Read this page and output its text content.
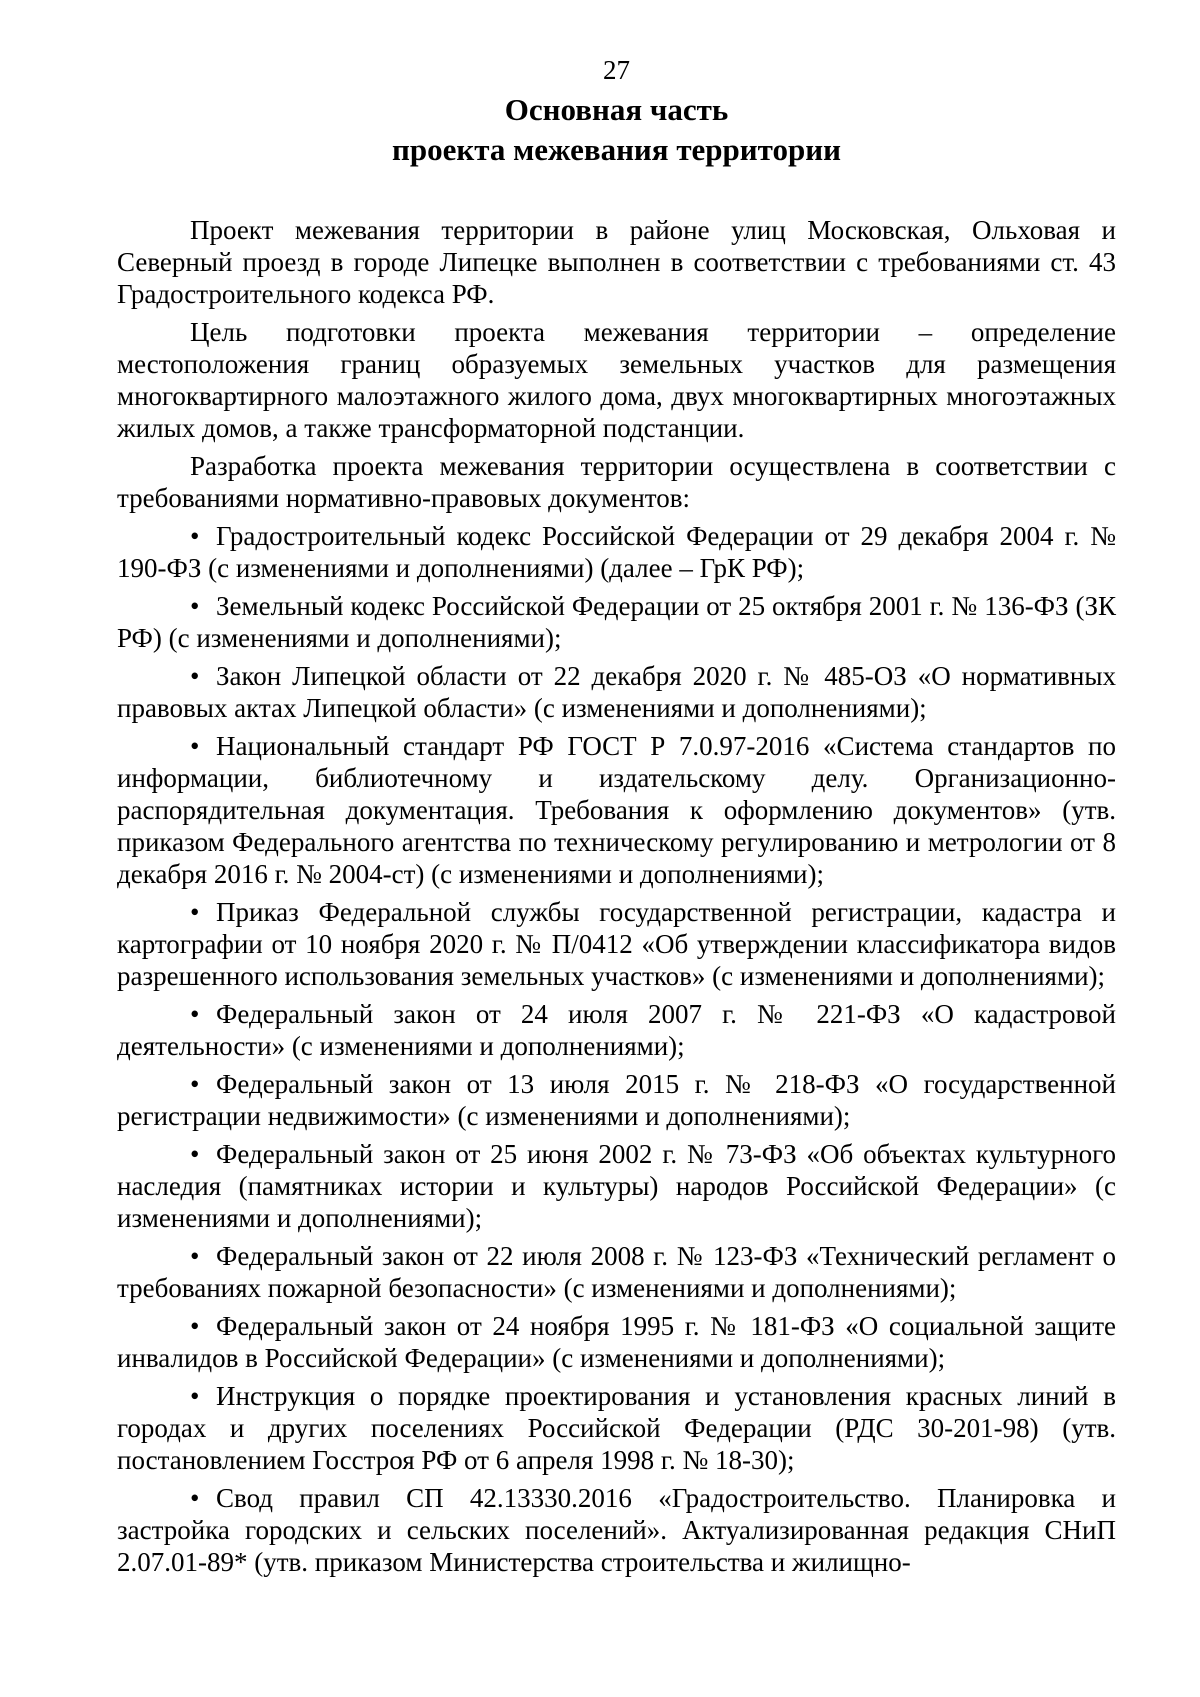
27

Основная часть

проекта межевания территории

Проект межевания территории в районе улиц Московская, Ольховая и Северный проезд в городе Липецке выполнен в соответствии с требованиями ст. 43 Градостроительного кодекса РФ.

Цель подготовки проекта межевания территории – определение местоположения границ образуемых земельных участков для размещения многоквартирного малоэтажного жилого дома, двух многоквартирных многоэтажных жилых домов, а также трансформаторной подстанции.

Разработка проекта межевания территории осуществлена в соответствии с требованиями нормативно-правовых документов:

• Градостроительный кодекс Российской Федерации от 29 декабря 2004 г. № 190-ФЗ (с изменениями и дополнениями) (далее – ГрК РФ);
• Земельный кодекс Российской Федерации от 25 октября 2001 г. № 136-ФЗ (ЗК РФ) (с изменениями и дополнениями);
• Закон Липецкой области от 22 декабря 2020 г. № 485-ОЗ «О нормативных правовых актах Липецкой области» (с изменениями и дополнениями);
• Национальный стандарт РФ ГОСТ Р 7.0.97-2016 «Система стандартов по информации, библиотечному и издательскому делу. Организационно-распорядительная документация. Требования к оформлению документов» (утв. приказом Федерального агентства по техническому регулированию и метрологии от 8 декабря 2016 г. № 2004-ст) (с изменениями и дополнениями);
• Приказ Федеральной службы государственной регистрации, кадастра и картографии от 10 ноября 2020 г. № П/0412 «Об утверждении классификатора видов разрешенного использования земельных участков» (с изменениями и дополнениями);
• Федеральный закон от 24 июля 2007 г. № 221-ФЗ «О кадастровой деятельности» (с изменениями и дополнениями);
• Федеральный закон от 13 июля 2015 г. № 218-ФЗ «О государственной регистрации недвижимости» (с изменениями и дополнениями);
• Федеральный закон от 25 июня 2002 г. № 73-ФЗ «Об объектах культурного наследия (памятниках истории и культуры) народов Российской Федерации» (с изменениями и дополнениями);
• Федеральный закон от 22 июля 2008 г. № 123-ФЗ «Технический регламент о требованиях пожарной безопасности» (с изменениями и дополнениями);
• Федеральный закон от 24 ноября 1995 г. № 181-ФЗ «О социальной защите инвалидов в Российской Федерации» (с изменениями и дополнениями);
• Инструкция о порядке проектирования и установления красных линий в городах и других поселениях Российской Федерации (РДС 30-201-98) (утв. постановлением Госстроя РФ от 6 апреля 1998 г. № 18-30);
• Свод правил СП 42.13330.2016 «Градостроительство. Планировка и застройка городских и сельских поселений». Актуализированная редакция СНиП 2.07.01-89* (утв. приказом Министерства строительства и жилищно-
